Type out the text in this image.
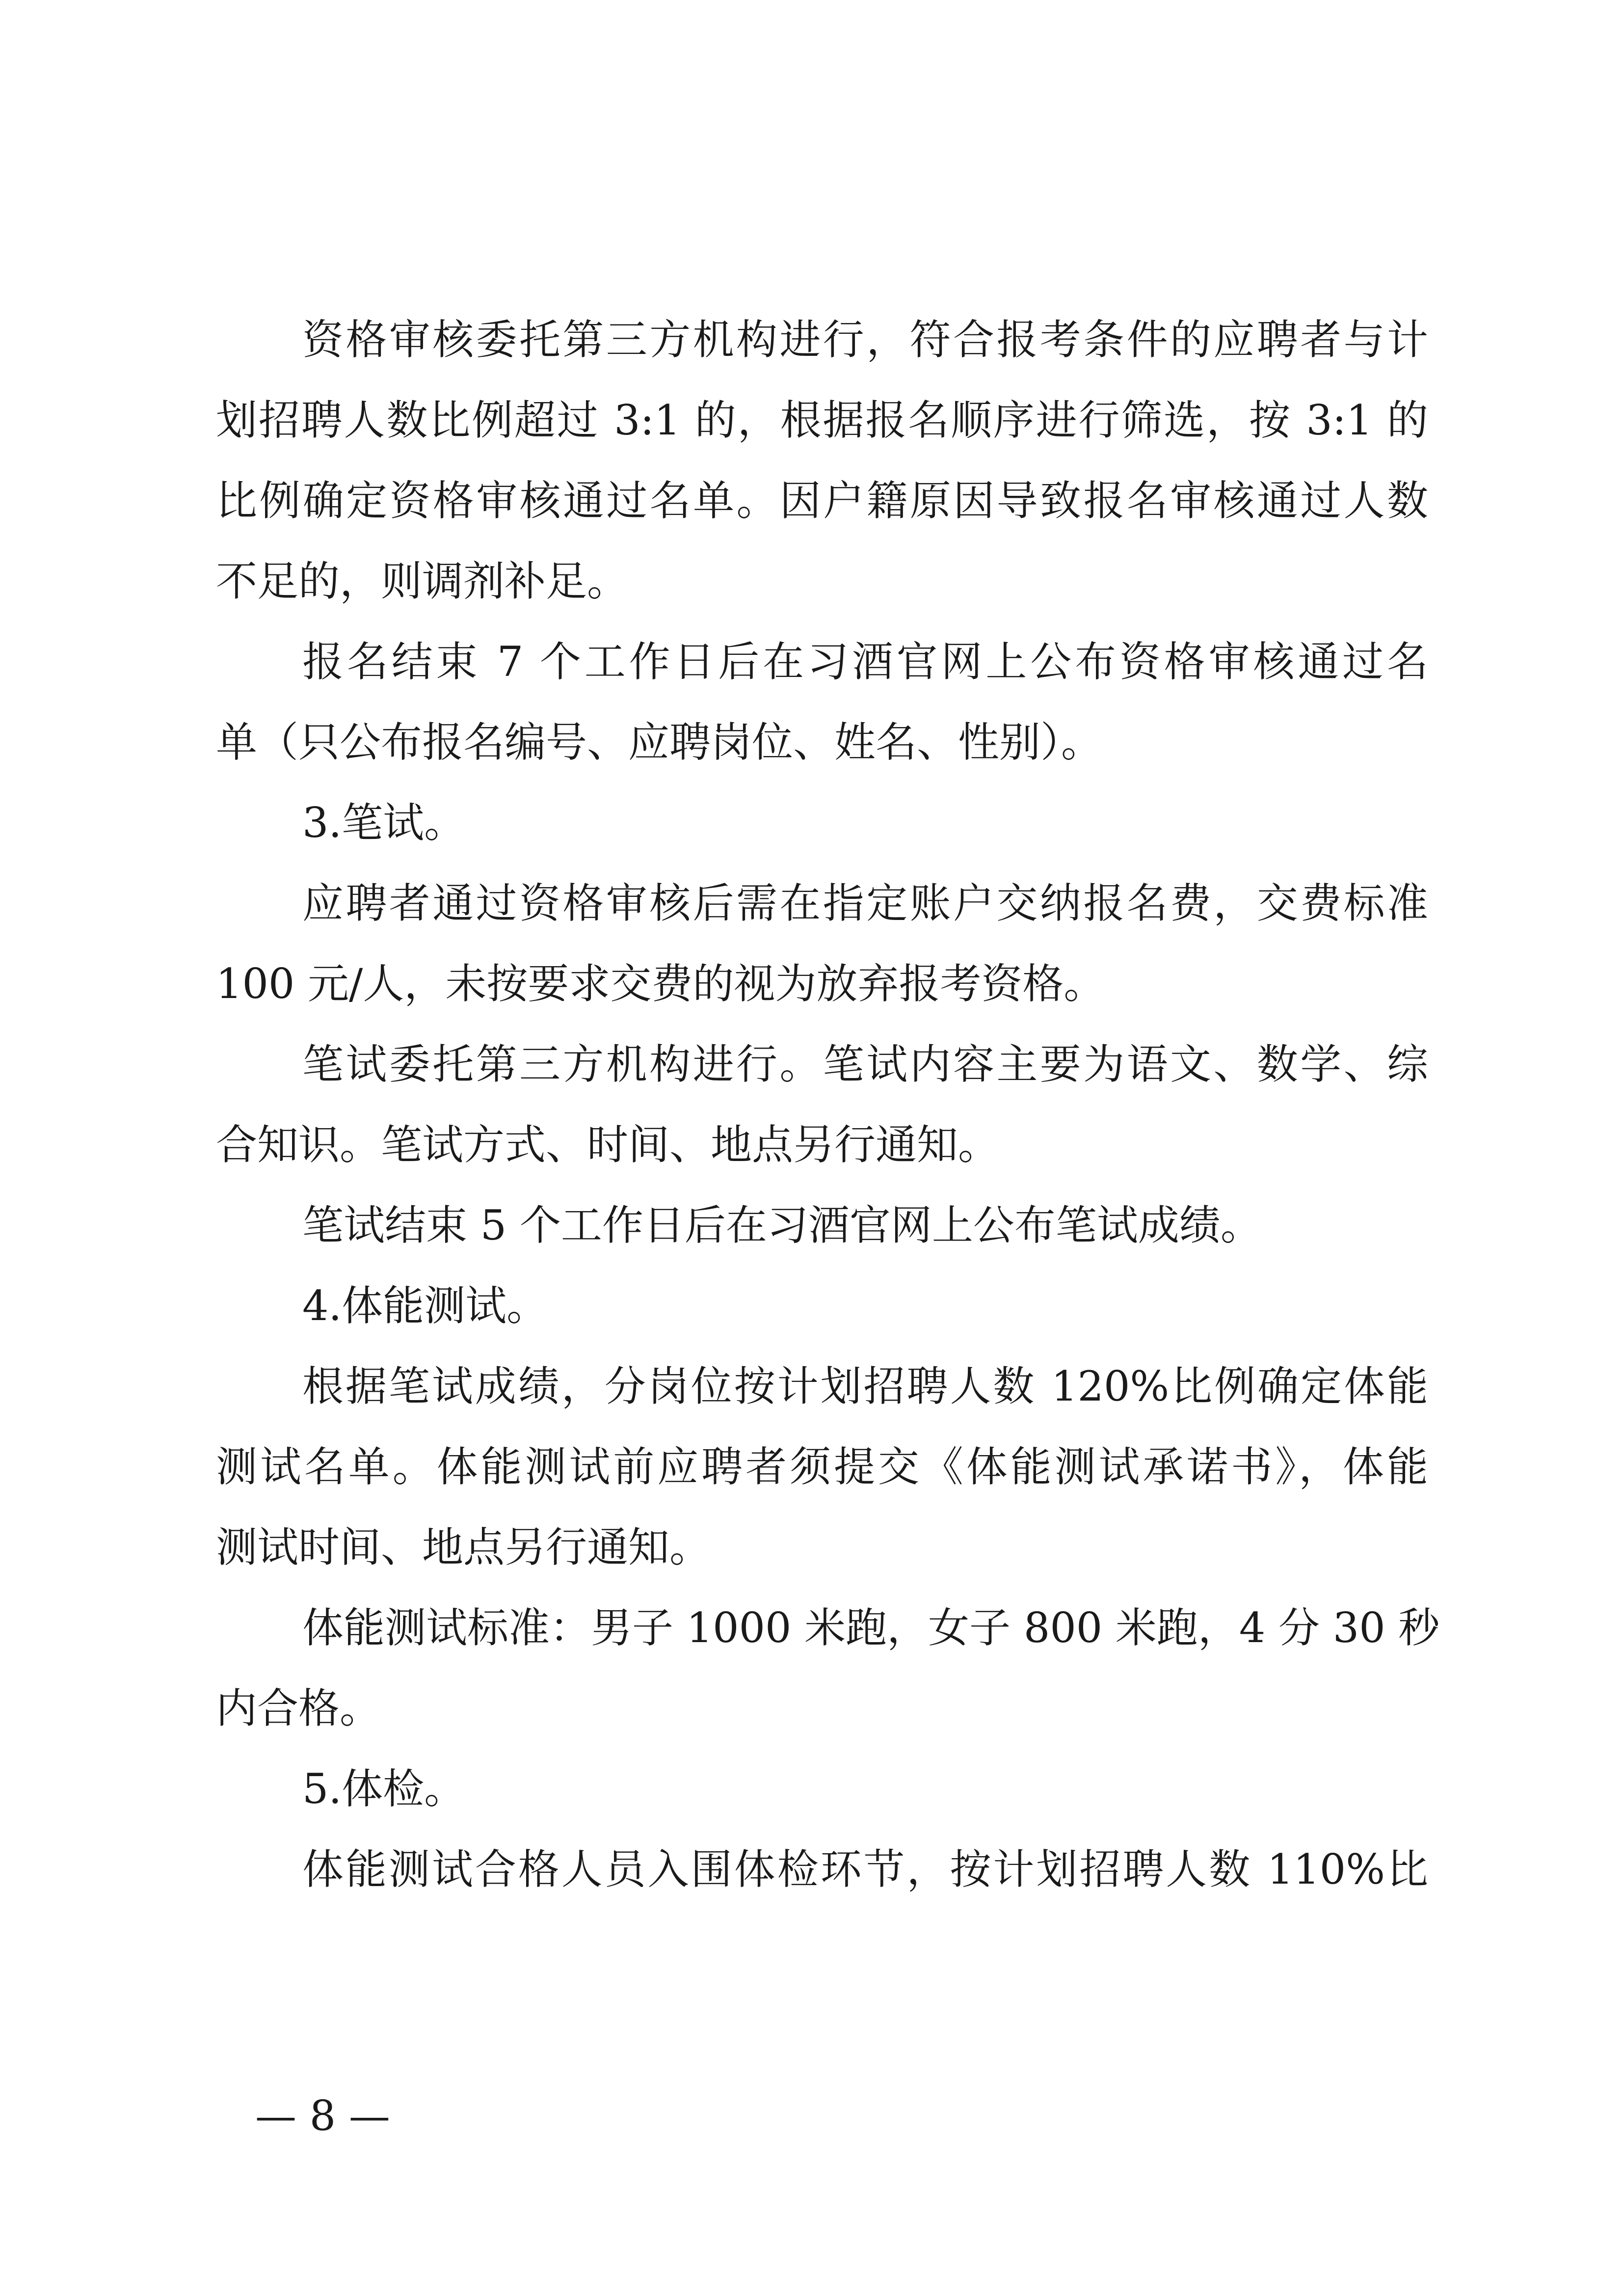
资格审核委托第三方机构进行，符合报考条件的应聘者与计
划招聘人数比例超过 3:1 的，根据报名顺序进行筛选，按 3:1 的
比例确定资格审核通过名单。因户籍原因导致报名审核通过人数
不足的，则调剂补足。
报名结束 7 个工作日后在习酒官网上公布资格审核通过名
单（只公布报名编号、应聘岗位、姓名、性别）。
3.笔试。
应聘者通过资格审核后需在指定账户交纳报名费，交费标准
100 元/人，未按要求交费的视为放弃报考资格。
笔试委托第三方机构进行。笔试内容主要为语文、数学、综
合知识。笔试方式、时间、地点另行通知。
笔试结束 5 个工作日后在习酒官网上公布笔试成绩。
4.体能测试。
根据笔试成绩，分岗位按计划招聘人数 120%比例确定体能
测试名单。体能测试前应聘者须提交《体能测试承诺书》，体能
测试时间、地点另行通知。
体能测试标准：男子 1000 米跑，女子 800 米跑，4 分 30 秒
内合格。
5.体检。
体能测试合格人员入围体检环节，按计划招聘人数 110%比
— 8 —
